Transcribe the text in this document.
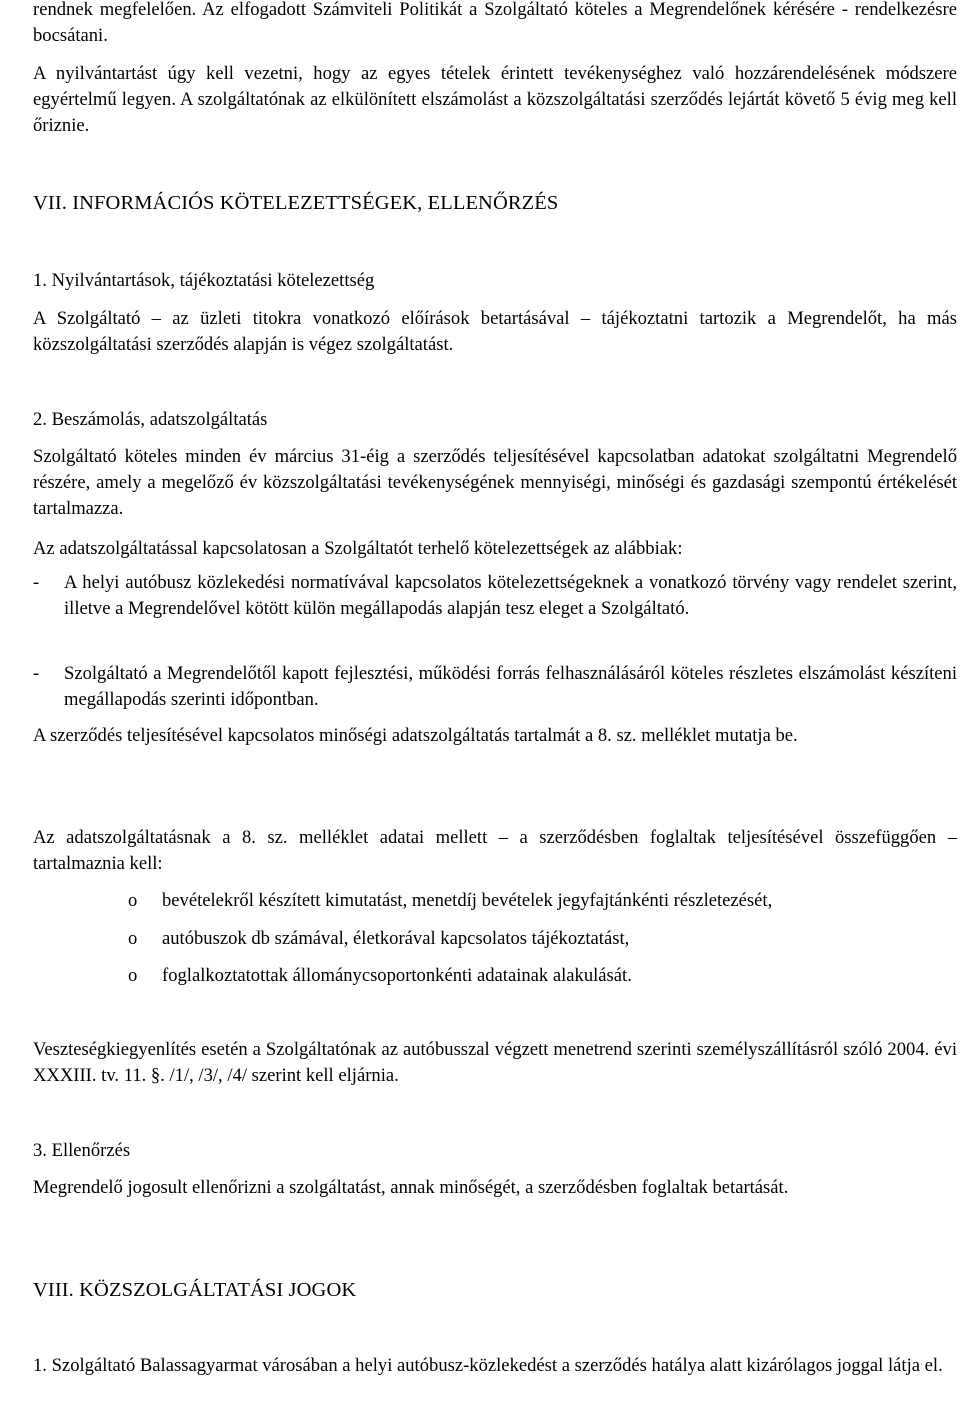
rendnek megfelelően. Az elfogadott Számviteli Politikát a Szolgáltató köteles a Megrendelőnek kérésére - rendelkezésre bocsátani.

A nyilvántartást úgy kell vezetni, hogy az egyes tételek érintett tevékenységhez való hozzárendelésének módszere egyértelmű legyen. A szolgáltatónak az elkülönített elszámolást a közszolgáltatási szerződés lejártát követő 5 évig meg kell őriznie.

VII. INFORMÁCIÓS KÖTELEZETTSÉGEK, ELLENŐRZÉS

1. Nyilvántartások, tájékoztatási kötelezettség

A Szolgáltató – az üzleti titokra vonatkozó előírások betartásával – tájékoztatni tartozik a Megrendelőt, ha más közszolgáltatási szerződés alapján is végez szolgáltatást.

2. Beszámolás, adatszolgáltatás

Szolgáltató köteles minden év március 31-éig a szerződés teljesítésével kapcsolatban adatokat szolgáltatni Megrendelő részére, amely a megelőző év közszolgáltatási tevékenységének mennyiségi, minőségi és gazdasági szempontú értékelését tartalmazza.

Az adatszolgáltatással kapcsolatosan a Szolgáltatót terhelő kötelezettségek az alábbiak:

- A helyi autóbusz közlekedési normatívával kapcsolatos kötelezettségeknek a vonatkozó törvény vagy rendelet szerint, illetve a Megrendelővel kötött külön megállapodás alapján tesz eleget a Szolgáltató.
- Szolgáltató a Megrendelőtől kapott fejlesztési, működési forrás felhasználásáról köteles részletes elszámolást készíteni megállapodás szerinti időpontban.

A szerződés teljesítésével kapcsolatos minőségi adatszolgáltatás tartalmát a 8. sz. melléklet mutatja be.

Az adatszolgáltatásnak a 8. sz. melléklet adatai mellett – a szerződésben foglaltak teljesítésével összefüggően – tartalmaznia kell:

o bevételekről készített kimutatást, menetdíj bevételek jegyfajtánkénti részletezését,
o autóbuszok db számával, életkorával kapcsolatos tájékoztatást,
o foglalkoztatottak állománycsoportonkénti adatainak alakulását.

Veszteségkiegyenlítés esetén a Szolgáltatónak az autóbusszal végzett menetrend szerinti személyszállításról szóló 2004. évi XXXIII. tv. 11. §. /1/, /3/, /4/ szerint kell eljárnia.

3. Ellenőrzés

Megrendelő jogosult ellenőrizni a szolgáltatást, annak minőségét, a szerződésben foglaltak betartását.

VIII. KÖZSZOLGÁLTATÁSI JOGOK

1. Szolgáltató Balassagyarmat városában a helyi autóbusz-közlekedést a szerződés hatálya alatt kizárólagos joggal látja el.
